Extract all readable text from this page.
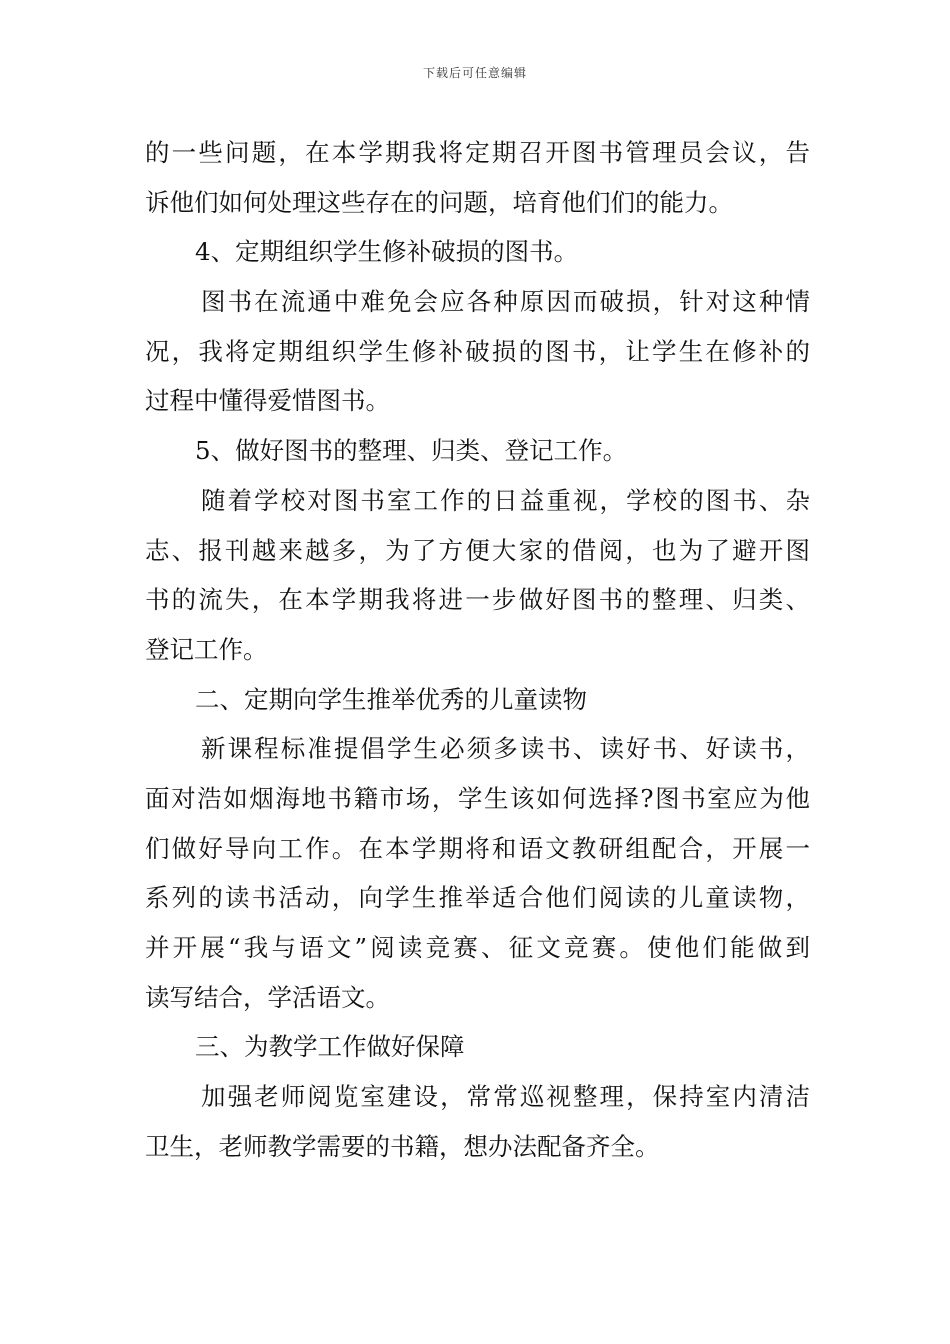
下载后可任意编辑
的一些问题，在本学期我将定期召开图书管理员会议，告
诉他们如何处理这些存在的问题，培育他们们的能力。
4、定期组织学生修补破损的图书。
图书在流通中难免会应各种原因而破损，针对这种情
况，我将定期组织学生修补破损的图书，让学生在修补的
过程中懂得爱惜图书。
5、做好图书的整理、归类、登记工作。
随着学校对图书室工作的日益重视，学校的图书、杂
志、报刊越来越多，为了方便大家的借阅，也为了避开图
书的流失，在本学期我将进一步做好图书的整理、归类、
登记工作。
二、定期向学生推举优秀的儿童读物
新课程标准提倡学生必须多读书、读好书、好读书，
面对浩如烟海地书籍市场，学生该如何选择?图书室应为他
们做好导向工作。在本学期将和语文教研组配合，开展一
系列的读书活动，向学生推举适合他们阅读的儿童读物，
并开展“我与语文”阅读竞赛、征文竞赛。使他们能做到
读写结合，学活语文。
三、为教学工作做好保障
加强老师阅览室建设，常常巡视整理，保持室内清洁
卫生，老师教学需要的书籍，想办法配备齐全。
